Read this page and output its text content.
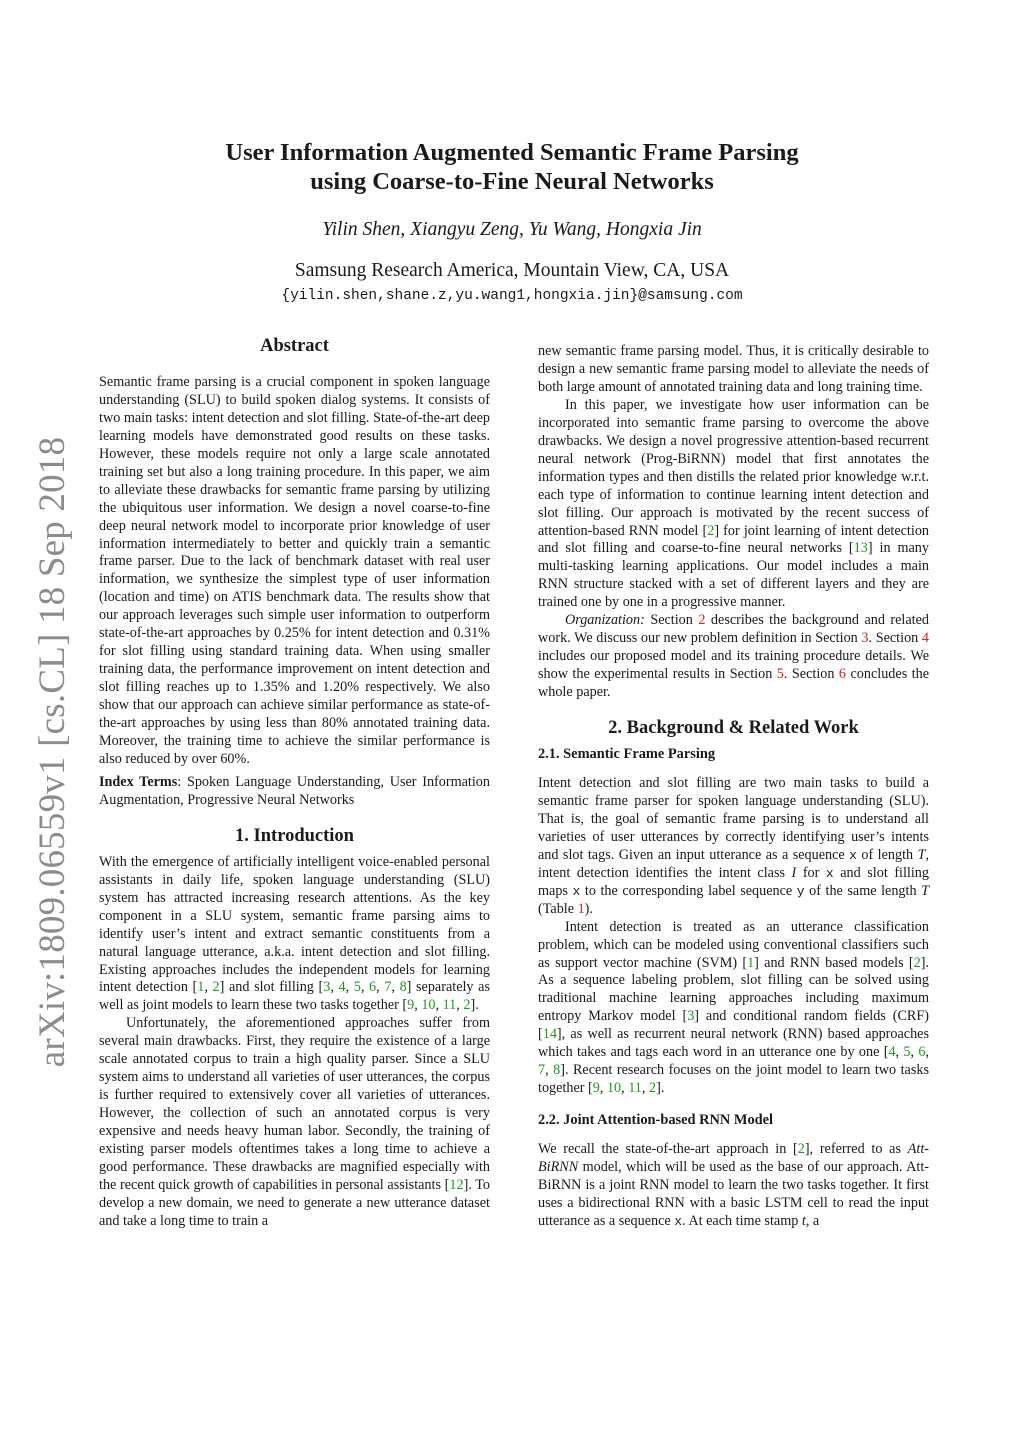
arXiv:1809.06559v1 [cs.CL] 18 Sep 2018
User Information Augmented Semantic Frame Parsing
using Coarse-to-Fine Neural Networks
Yilin Shen, Xiangyu Zeng, Yu Wang, Hongxia Jin
Samsung Research America, Mountain View, CA, USA
{yilin.shen,shane.z,yu.wang1,hongxia.jin}@samsung.com
Abstract

Semantic frame parsing is a crucial component in spoken language understanding (SLU) to build spoken dialog systems. It consists of two main tasks: intent detection and slot filling. State-of-the-art deep learning models have demonstrated good results on these tasks. However, these models require not only a large scale annotated training set but also a long training procedure. In this paper, we aim to alleviate these drawbacks for semantic frame parsing by utilizing the ubiquitous user information. We design a novel coarse-to-fine deep neural network model to incorporate prior knowledge of user information intermediately to better and quickly train a semantic frame parser. Due to the lack of benchmark dataset with real user information, we synthesize the simplest type of user information (location and time) on ATIS benchmark data. The results show that our approach leverages such simple user information to outperform state-of-the-art approaches by 0.25% for intent detection and 0.31% for slot filling using standard training data. When using smaller training data, the performance improvement on intent detection and slot filling reaches up to 1.35% and 1.20% respectively. We also show that our approach can achieve similar performance as state-of-the-art approaches by using less than 80% annotated training data. Moreover, the training time to achieve the similar performance is also reduced by over 60%.

Index Terms: Spoken Language Understanding, User Information Augmentation, Progressive Neural Networks

1. Introduction

With the emergence of artificially intelligent voice-enabled personal assistants in daily life, spoken language understanding (SLU) system has attracted increasing research attentions. As the key component in a SLU system, semantic frame parsing aims to identify user’s intent and extract semantic constituents from a natural language utterance, a.k.a. intent detection and slot filling. Existing approaches includes the independent models for learning intent detection [1, 2] and slot filling [3, 4, 5, 6, 7, 8] separately as well as joint models to learn these two tasks together [9, 10, 11, 2].

Unfortunately, the aforementioned approaches suffer from several main drawbacks. First, they require the existence of a large scale annotated corpus to train a high quality parser. Since a SLU system aims to understand all varieties of user utterances, the corpus is further required to extensively cover all varieties of utterances. However, the collection of such an annotated corpus is very expensive and needs heavy human labor. Secondly, the training of existing parser models oftentimes takes a long time to achieve a good performance. These drawbacks are magnified especially with the recent quick growth of capabilities in personal assistants [12]. To develop a new domain, we need to generate a new utterance dataset and take a long time to train a

new semantic frame parsing model. Thus, it is critically desirable to design a new semantic frame parsing model to alleviate the needs of both large amount of annotated training data and long training time.

In this paper, we investigate how user information can be incorporated into semantic frame parsing to overcome the above drawbacks. We design a novel progressive attention-based recurrent neural network (Prog-BiRNN) model that first annotates the information types and then distills the related prior knowledge w.r.t. each type of information to continue learning intent detection and slot filling. Our approach is motivated by the recent success of attention-based RNN model [2] for joint learning of intent detection and slot filling and coarse-to-fine neural networks [13] in many multi-tasking learning applications. Our model includes a main RNN structure stacked with a set of different layers and they are trained one by one in a progressive manner.

Organization: Section 2 describes the background and related work. We discuss our new problem definition in Section 3. Section 4 includes our proposed model and its training procedure details. We show the experimental results in Section 5. Section 6 concludes the whole paper.

2. Background & Related Work
2.1. Semantic Frame Parsing

Intent detection and slot filling are two main tasks to build a semantic frame parser for spoken language understanding (SLU). That is, the goal of semantic frame parsing is to understand all varieties of user utterances by correctly identifying user’s intents and slot tags. Given an input utterance as a sequence x of length T, intent detection identifies the intent class I for x and slot filling maps x to the corresponding label sequence y of the same length T (Table 1).

Intent detection is treated as an utterance classification problem, which can be modeled using conventional classifiers such as support vector machine (SVM) [1] and RNN based models [2]. As a sequence labeling problem, slot filling can be solved using traditional machine learning approaches including maximum entropy Markov model [3] and conditional random fields (CRF) [14], as well as recurrent neural network (RNN) based approaches which takes and tags each word in an utterance one by one [4, 5, 6, 7, 8]. Recent research focuses on the joint model to learn two tasks together [9, 10, 11, 2].

2.2. Joint Attention-based RNN Model

We recall the state-of-the-art approach in [2], referred to as Att-BiRNN model, which will be used as the base of our approach. Att-BiRNN is a joint RNN model to learn the two tasks together. It first uses a bidirectional RNN with a basic LSTM cell to read the input utterance as a sequence x. At each time stamp t, a
